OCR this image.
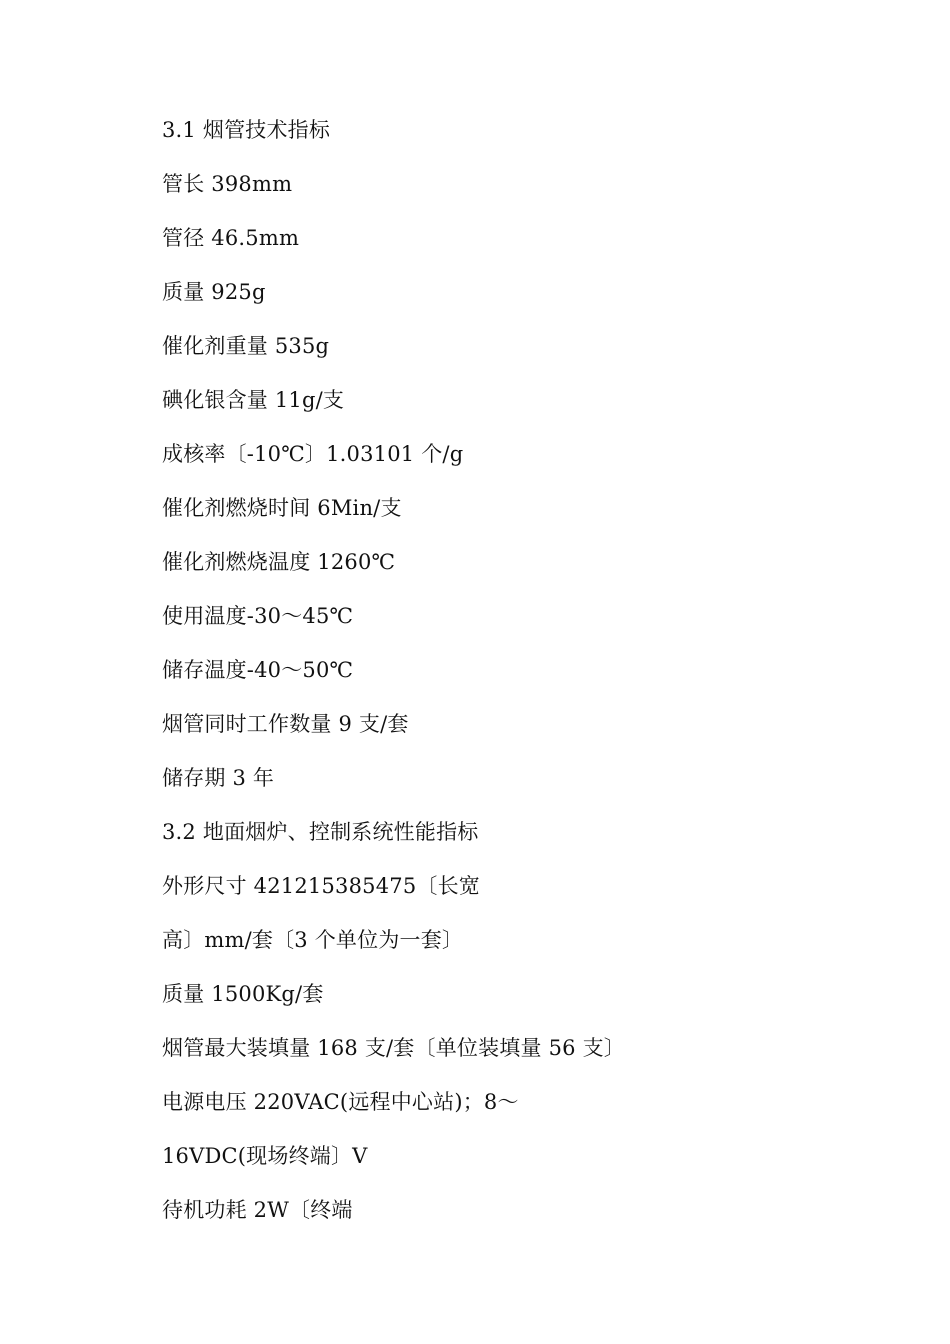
3.1 烟管技术指标
管长 398mm
管径 46.5mm
质量 925g
催化剂重量 535g
碘化银含量 11g/支
成核率〔-10℃〕1.03101 个/g
催化剂燃烧时间 6Min/支
催化剂燃烧温度 1260℃
使用温度-30～45℃
储存温度-40～50℃
烟管同时工作数量 9 支/套
储存期 3 年
3.2 地面烟炉、控制系统性能指标
外形尺寸 421215385475〔长宽
高〕mm/套〔3 个单位为一套〕
质量 1500Kg/套
烟管最大装填量 168 支/套〔单位装填量 56 支〕
电源电压 220VAC(远程中心站)；8～
16VDC(现场终端〕V
待机功耗 2W〔终端
